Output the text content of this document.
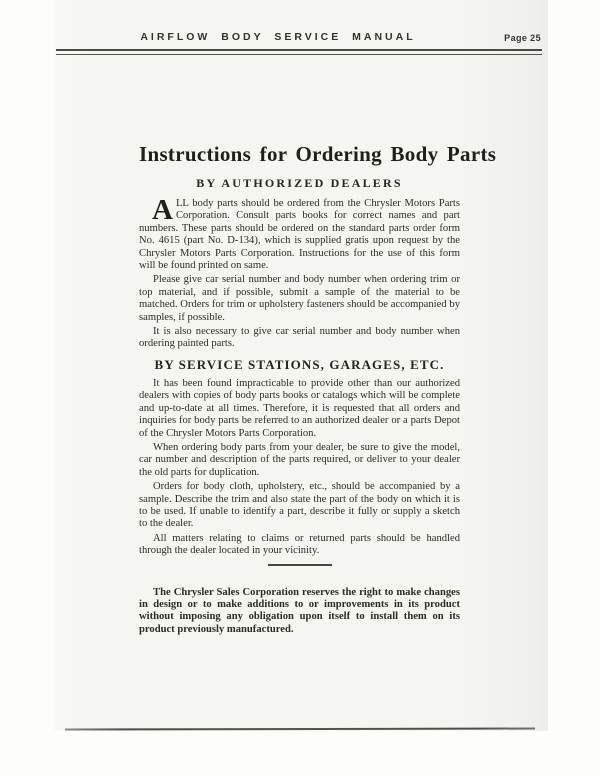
AIRFLOW BODY SERVICE MANUAL	Page 25
Instructions for Ordering Body Parts
BY AUTHORIZED DEALERS

ALL body parts should be ordered from the Chrysler Motors Parts Corporation. Consult parts books for correct names and part numbers. These parts should be ordered on the standard parts order form No. 4615 (part No. D-134), which is supplied gratis upon request by the Chrysler Motors Parts Corporation. Instructions for the use of this form will be found printed on same.

Please give car serial number and body number when ordering trim or top material, and if possible, submit a sample of the material to be matched. Orders for trim or upholstery fasteners should be accompanied by samples, if possible.

It is also necessary to give car serial number and body number when ordering painted parts.

BY SERVICE STATIONS, GARAGES, ETC.

It has been found impracticable to provide other than our authorized dealers with copies of body parts books or catalogs which will be complete and up-to-date at all times. Therefore, it is requested that all orders and inquiries for body parts be referred to an authorized dealer or a parts Depot of the Chrysler Motors Parts Corporation.

When ordering body parts from your dealer, be sure to give the model, car number and description of the parts required, or deliver to your dealer the old parts for duplication.

Orders for body cloth, upholstery, etc., should be accompanied by a sample. Describe the trim and also state the part of the body on which it is to be used. If unable to identify a part, describe it fully or supply a sketch to the dealer.

All matters relating to claims or returned parts should be handled through the dealer located in your vicinity.

The Chrysler Sales Corporation reserves the right to make changes in design or to make additions to or improvements in its product without imposing any obligation upon itself to install them on its product previously manufactured.
